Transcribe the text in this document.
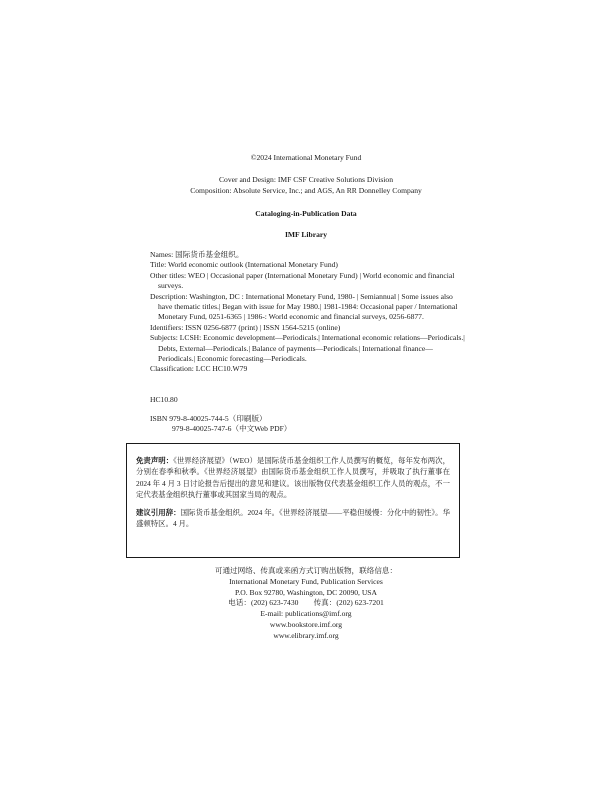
©2024 International Monetary Fund
Cover and Design: IMF CSF Creative Solutions Division
Composition: Absolute Service, Inc.; and AGS, An RR Donnelley Company
Cataloging-in-Publication Data
IMF Library
Names: 国际货币基金组织。
Title: World economic outlook (International Monetary Fund)
Other titles: WEO | Occasional paper (International Monetary Fund) | World economic and financial surveys.
Description: Washington, DC : International Monetary Fund, 1980- | Semiannual | Some issues also have thematic titles.| Began with issue for May 1980.| 1981-1984: Occasional paper / International Monetary Fund, 0251-6365 | 1986-: World economic and financial surveys, 0256-6877.
Identifiers: ISSN 0256-6877 (print) | ISSN 1564-5215 (online)
Subjects: LCSH: Economic development—Periodicals.| International economic relations—Periodicals.| Debts, External—Periodicals.| Balance of payments—Periodicals.| International finance—Periodicals.| Economic forecasting—Periodicals.
Classification: LCC HC10.W79
HC10.80
ISBN 979-8-40025-744-5（印刷版）
979-8-40025-747-6（中文Web PDF）

免责声明：《世界经济展望》（WEO）是国际货币基金组织工作人员撰写的概览，每年发布两次，分别在春季和秋季。《世界经济展望》由国际货币基金组织工作人员撰写，并吸取了执行董事在 2024 年 4 月 3 日讨论报告后提出的意见和建议。该出版物仅代表基金组织工作人员的观点，不一定代表基金组织执行董事或其国家当局的观点。

建议引用辞：国际货币基金组织。2024 年。《世界经济展望——平稳但缓慢：分化中的韧性》。华盛顿特区。4 月。

可通过网络、传真或来函方式订购出版物，联络信息：
International Monetary Fund, Publication Services
P.O. Box 92780, Washington, DC 20090, USA
电话：(202) 623-7430　　传真：(202) 623-7201
E-mail: publications@imf.org
www.bookstore.imf.org
www.elibrary.imf.org
